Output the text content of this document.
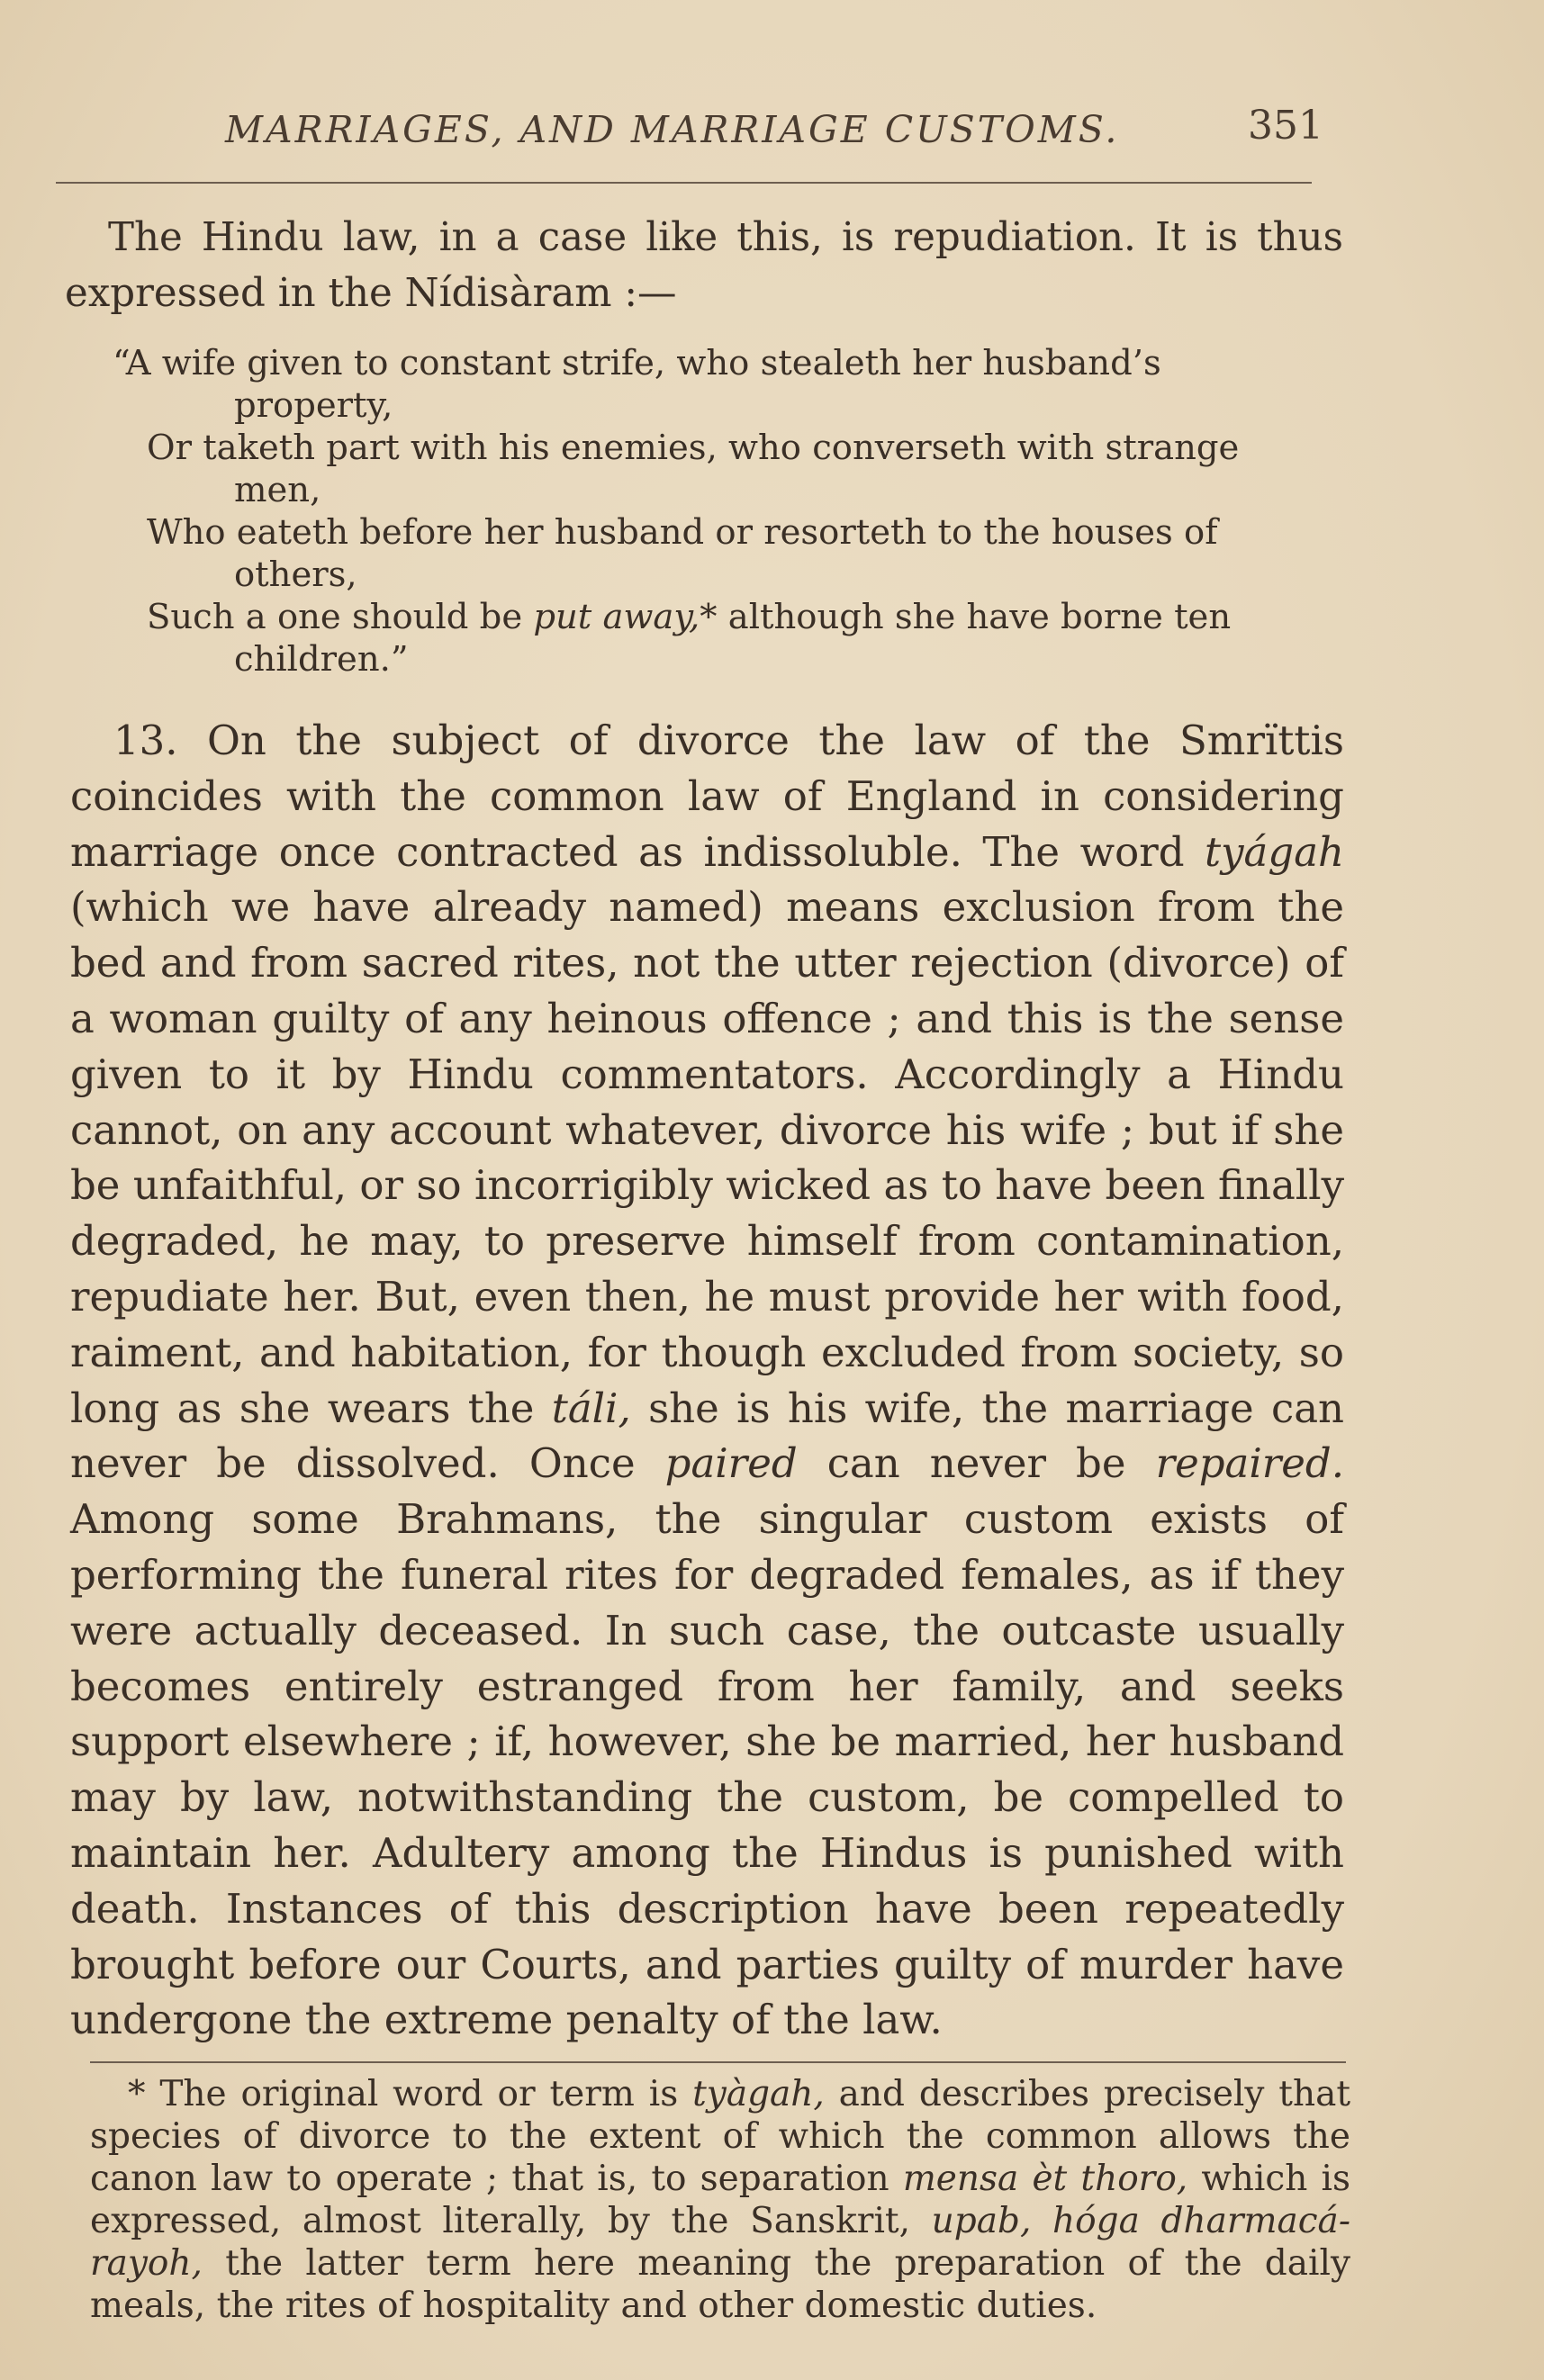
MARRIAGES, AND MARRIAGE CUSTOMS.	351

The Hindu law, in a case like this, is repudiation. It is thus expressed in the Nídisàram :—

“A wife given to constant strife, who stealeth her husband’s
property,
Or taketh part with his enemies, who converseth with strange
men,
Who eateth before her husband or resorteth to the houses of
others,
Such a one should be put away,* although she have borne ten
children.”

13. On the subject of divorce the law of the Smrïttis coincides with the common law of England in considering marriage once contracted as indissoluble. The word tyágah (which we have already named) means exclusion from the bed and from sacred rites, not the utter rejection (divorce) of a woman guilty of any heinous offence ; and this is the sense given to it by Hindu commentators. Accordingly a Hindu cannot, on any account whatever, divorce his wife ; but if she be unfaithful, or so incorrigibly wicked as to have been finally degraded, he may, to preserve himself from contamination, repudiate her. But, even then, he must provide her with food, raiment, and habitation, for though excluded from society, so long as she wears the táli, she is his wife, the marriage can never be dissolved. Once paired can never be repaired. Among some Brahmans, the singular custom exists of performing the funeral rites for degraded females, as if they were actually deceased. In such case, the outcaste usually becomes entirely estranged from her family, and seeks support elsewhere ; if, however, she be married, her husband may by law, notwithstanding the custom, be compelled to maintain her. Adultery among the Hindus is punished with death. Instances of this description have been repeatedly brought before our Courts, and parties guilty of murder have undergone the extreme penalty of the law.

* The original word or term is tyàgah, and describes precisely that species of divorce to the extent of which the common allows the canon law to operate ; that is, to separation mensa èt thoro, which is expressed, almost literally, by the Sanskrit, upab, hóga dharmacá-rayoh, the latter term here meaning the preparation of the daily meals, the rites of hospitality and other domestic duties.
